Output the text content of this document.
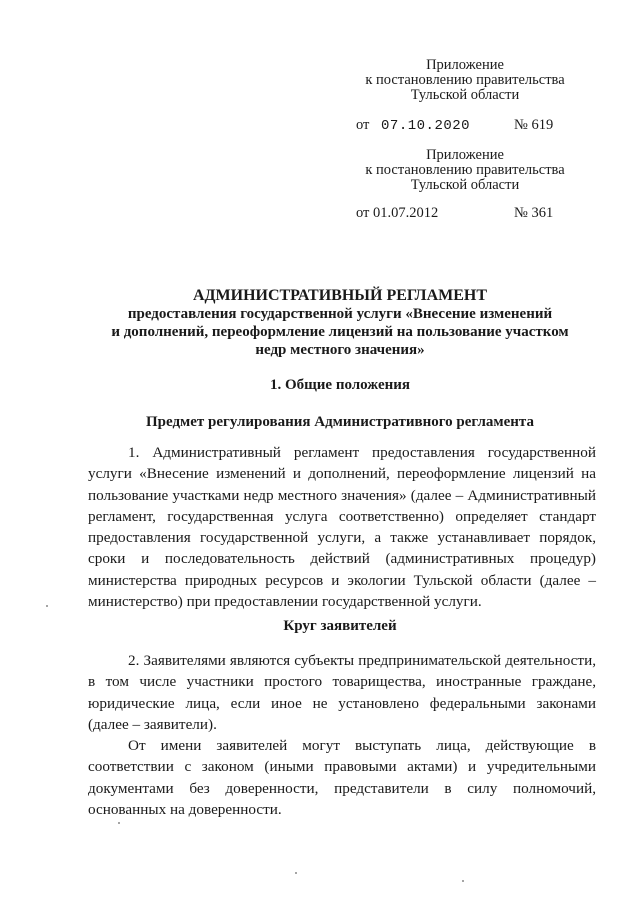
Приложение
к постановлению правительства
Тульской области
от 07.10.2020	№ 619
Приложение
к постановлению правительства
Тульской области
от 01.07.2012	№ 361
АДМИНИСТРАТИВНЫЙ РЕГЛАМЕНТ
предоставления государственной услуги «Внесение изменений
и дополнений, переоформление лицензий на пользование участком
недр местного значения»
1. Общие положения
Предмет регулирования Административного регламента
1. Административный регламент предоставления государственной
услуги «Внесение изменений и дополнений, переоформление лицензий на
пользование участками недр местного значения» (далее – Административный
регламент, государственная услуга соответственно) определяет стандарт
предоставления государственной услуги, а также устанавливает порядок,
сроки и последовательность действий (административных процедур)
министерства природных ресурсов и экологии Тульской области (далее –
министерство) при предоставлении государственной услуги.
Круг заявителей
2. Заявителями являются субъекты предпринимательской деятельности,
в том числе участники простого товарищества, иностранные граждане,
юридические лица, если иное не установлено федеральными законами
(далее – заявители).
От имени заявителей могут выступать лица, действующие в
соответствии с законом (иными правовыми актами) и учредительными
документами без доверенности, представители в силу полномочий,
основанных на доверенности.
